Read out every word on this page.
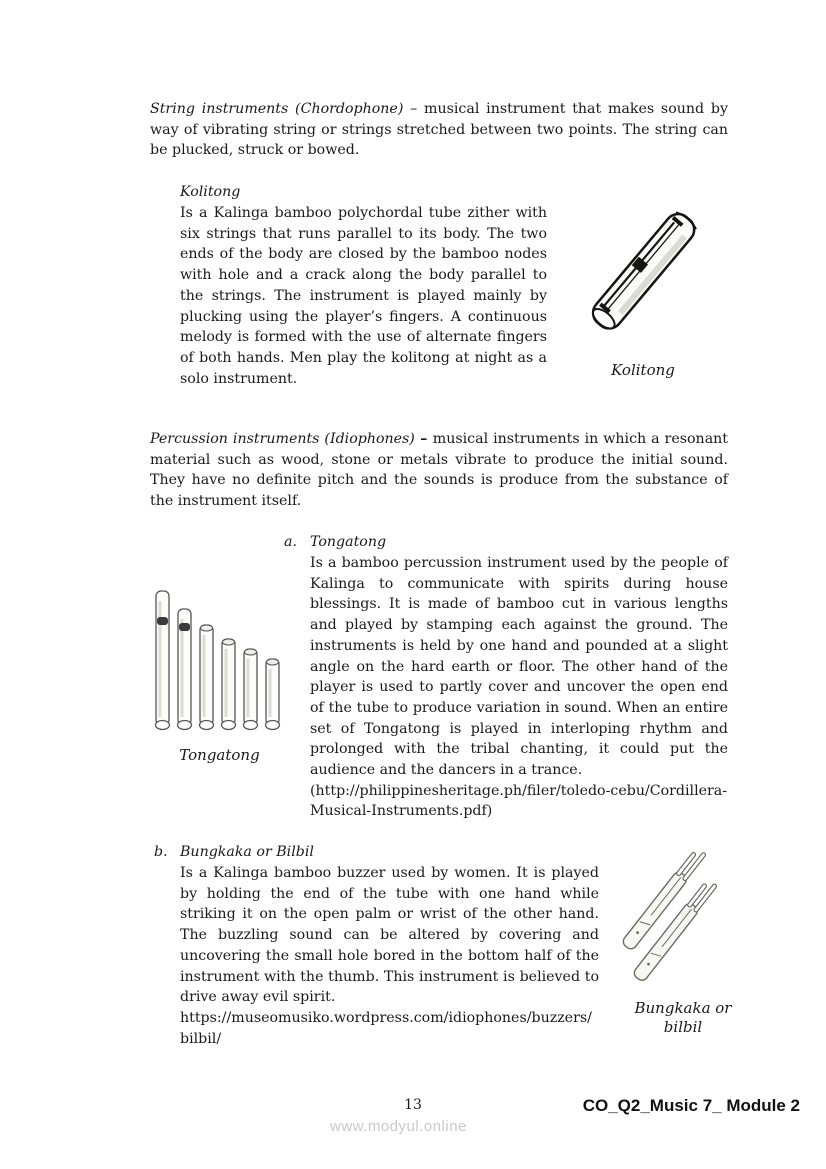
String instruments (Chordophone) – musical instrument that makes sound by way of vibrating string or strings stretched between two points. The string can be plucked, struck or bowed.
Kolitong
Is a Kalinga bamboo polychordal tube zither with six strings that runs parallel to its body. The two ends of the body are closed by the bamboo nodes with hole and a crack along the body parallel to the strings. The instrument is played mainly by plucking using the player’s fingers. A continuous melody is formed with the use of alternate fingers of both hands. Men play the kolitong at night as a solo instrument.	Kolitong
Percussion instruments (Idiophones) – musical instruments in which a resonant material such as wood, stone or metals vibrate to produce the initial sound. They have no definite pitch and the sounds is produce from the substance of the instrument itself.
a. Tongatong
Is a bamboo percussion instrument used by the people of Kalinga to communicate with spirits during house blessings. It is made of bamboo cut in various lengths and played by stamping each against the ground. The instruments is held by one hand and pounded at a slight angle on the hard earth or floor. The other hand of the player is used to partly cover and uncover the open end of the tube to produce variation in sound. When an entire set of Tongatong is played in interloping rhythm and prolonged with the tribal chanting, it could put the audience and the dancers in a trance.
(http://philippinesheritage.ph/filer/toledo-cebu/Cordillera-Musical-Instruments.pdf)
Tongatong
b. Bungkaka or Bilbil
Is a Kalinga bamboo buzzer used by women. It is played by holding the end of the tube with one hand while striking it on the open palm or wrist of the other hand. The buzzling sound can be altered by covering and uncovering the small hole bored in the bottom half of the instrument with the thumb. This instrument is believed to drive away evil spirit.
https://museomusiko.wordpress.com/idiophones/buzzers/bilbil/
Bungkaka or bilbil
13
www.modyul.online
CO_Q2_Music 7_ Module 2
